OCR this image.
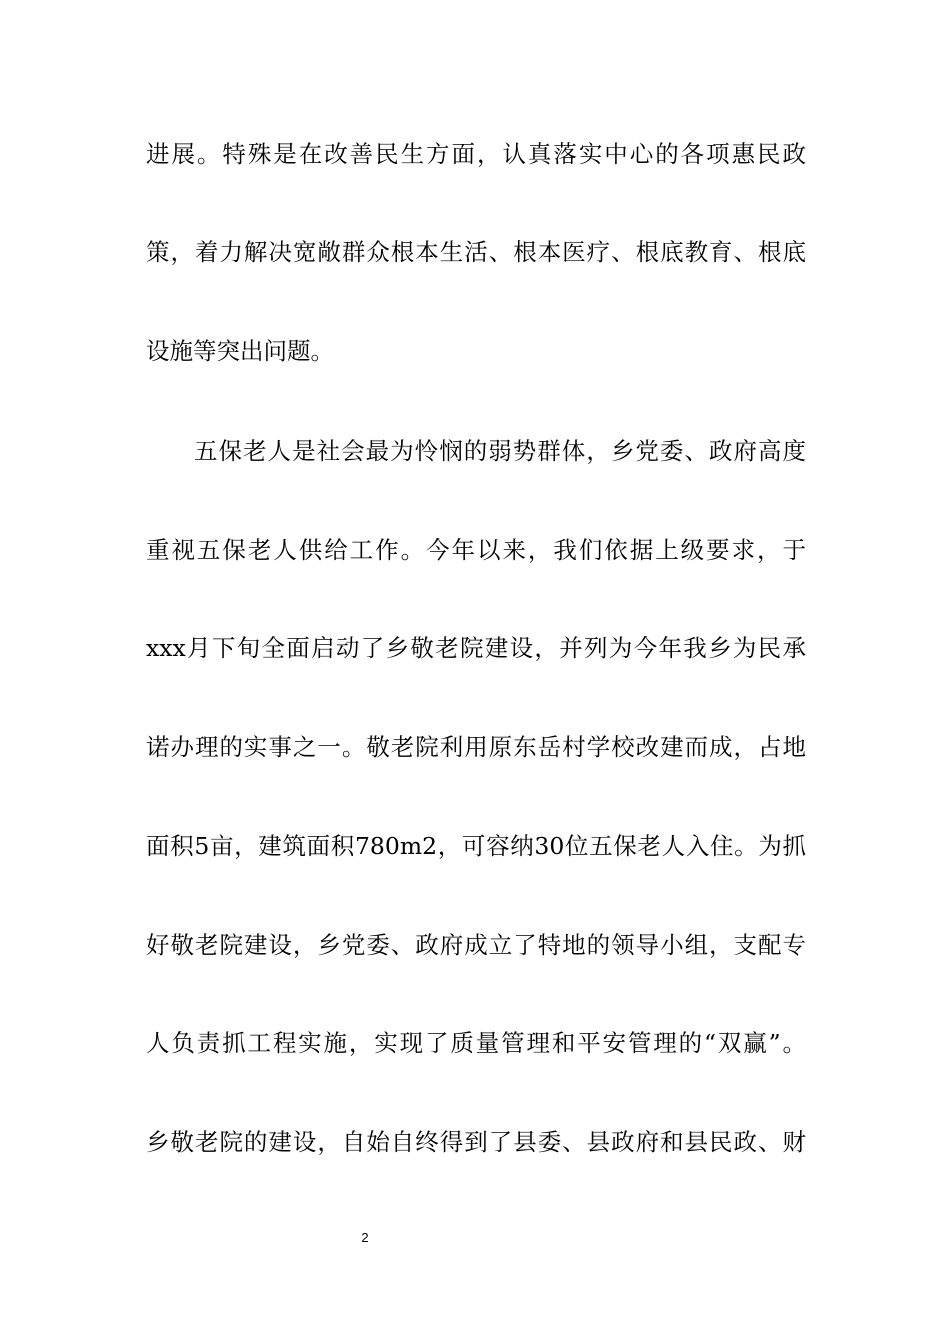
进展。特殊是在改善民生方面，认真落实中心的各项惠民政
策，着力解决宽敞群众根本生活、根本医疗、根底教育、根底
设施等突出问题。
五保老人是社会最为怜悯的弱势群体，乡党委、政府高度
重视五保老人供给工作。今年以来，我们依据上级要求，于
xxx月下旬全面启动了乡敬老院建设，并列为今年我乡为民承
诺办理的实事之一。敬老院利用原东岳村学校改建而成，占地
面积5亩，建筑面积780m2，可容纳30位五保老人入住。为抓
好敬老院建设，乡党委、政府成立了特地的领导小组，支配专
人负责抓工程实施，实现了质量管理和平安管理的“双赢”。
乡敬老院的建设，自始自终得到了县委、县政府和县民政、财
2
